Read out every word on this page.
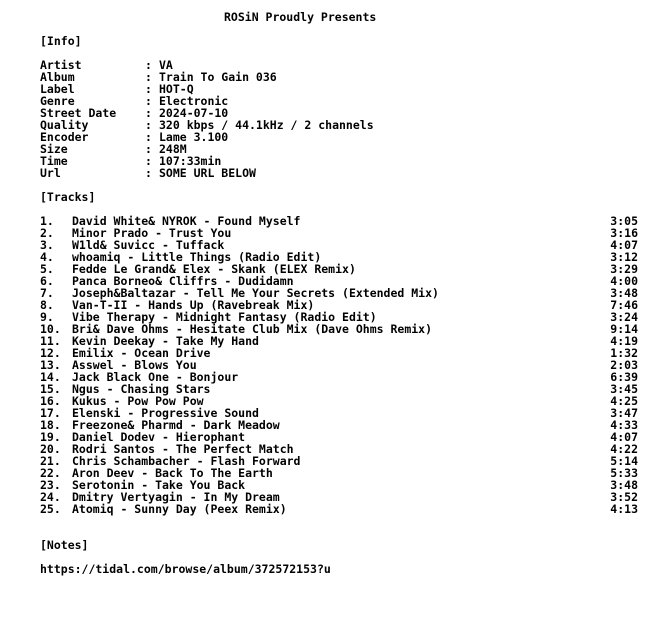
ROSiN Proudly Presents
[Info]
Artist	: VA
Album	: Train To Gain 036
Label	: HOT-Q
Genre	: Electronic
Street Date	: 2024-07-10
Quality	: 320 kbps / 44.1kHz / 2 channels
Encoder	: Lame 3.100
Size	: 248M
Time	: 107:33min
Url	: SOME URL BELOW
[Tracks]
1. David White& NYROK - Found Myself	3:05
2. Minor Prado - Trust You	3:16
3. W1ld& Suvicc - Tuffack	4:07
4. whoamiq - Little Things (Radio Edit)	3:12
5. Fedde Le Grand& Elex - Skank (ELEX Remix)	3:29
6. Panca Borneo& Cliffrs - Dudidamn	4:00
7. Joseph&Baltazar - Tell Me Your Secrets (Extended Mix)	3:48
8. Van-T-II - Hands Up (Ravebreak Mix)	7:46
9. Vibe Therapy - Midnight Fantasy (Radio Edit)	3:24
10. Bri& Dave Ohms - Hesitate Club Mix (Dave Ohms Remix)	9:14
11. Kevin Deekay - Take My Hand	4:19
12. Emilix - Ocean Drive	1:32
13. Asswel - Blows You	2:03
14. Jack Black One - Bonjour	6:39
15. Ngus - Chasing Stars	3:45
16. Kukus - Pow Pow Pow	4:25
17. Elenski - Progressive Sound	3:47
18. Freezone& Pharmd - Dark Meadow	4:33
19. Daniel Dodev - Hierophant	4:07
20. Rodri Santos - The Perfect Match	4:22
21. Chris Schambacher - Flash Forward	5:14
22. Aron Deev - Back To The Earth	5:33
23. Serotonin - Take You Back	3:48
24. Dmitry Vertyagin - In My Dream	3:52
25. Atomiq - Sunny Day (Peex Remix)	4:13
[Notes]
https://tidal.com/browse/album/372572153?u
